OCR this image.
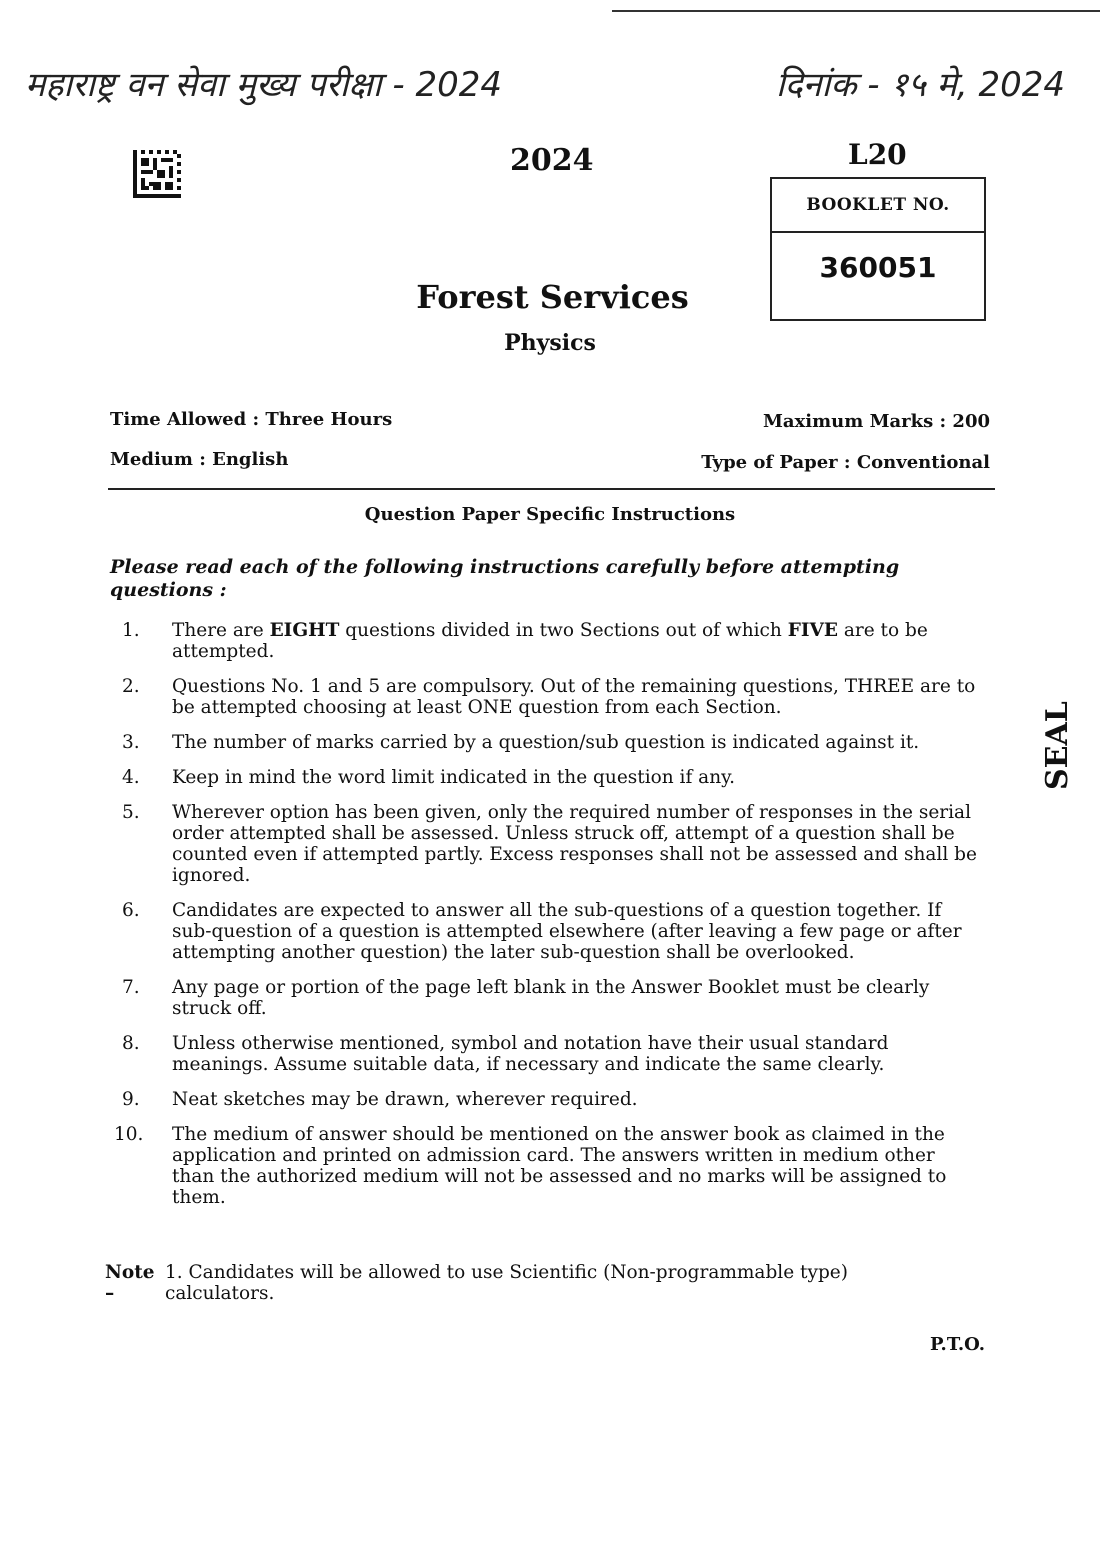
महाराष्ट्र वन सेवा मुख्य परीक्षा - 2024	दिनांक - १५ मे, 2024
2024	L20
BOOKLET NO.
360051
Forest Services
Physics
Time Allowed : Three Hours	Maximum Marks : 200
Medium : English	Type of Paper : Conventional
Question Paper Specific Instructions
Please read each of the following instructions carefully before attempting questions :
1.	There are EIGHT questions divided in two Sections out of which FIVE are to be attempted.
2.	Questions No. 1 and 5 are compulsory. Out of the remaining questions, THREE are to be attempted choosing at least ONE question from each Section.
3.	The number of marks carried by a question/sub question is indicated against it.
4.	Keep in mind the word limit indicated in the question if any.
5.	Wherever option has been given, only the required number of responses in the serial order attempted shall be assessed. Unless struck off, attempt of a question shall be counted even if attempted partly. Excess responses shall not be assessed and shall be ignored.
6.	Candidates are expected to answer all the sub-questions of a question together. If sub-question of a question is attempted elsewhere (after leaving a few page or after attempting another question) the later sub-question shall be overlooked.
7.	Any page or portion of the page left blank in the Answer Booklet must be clearly struck off.
8.	Unless otherwise mentioned, symbol and notation have their usual standard meanings. Assume suitable data, if necessary and indicate the same clearly.
9.	Neat sketches may be drawn, wherever required.
10.	The medium of answer should be mentioned on the answer book as claimed in the application and printed on admission card. The answers written in medium other than the authorized medium will not be assessed and no marks will be assigned to them.
Note –
1. Candidates will be allowed to use Scientific (Non-programmable type) calculators.
P.T.O.
SEAL
